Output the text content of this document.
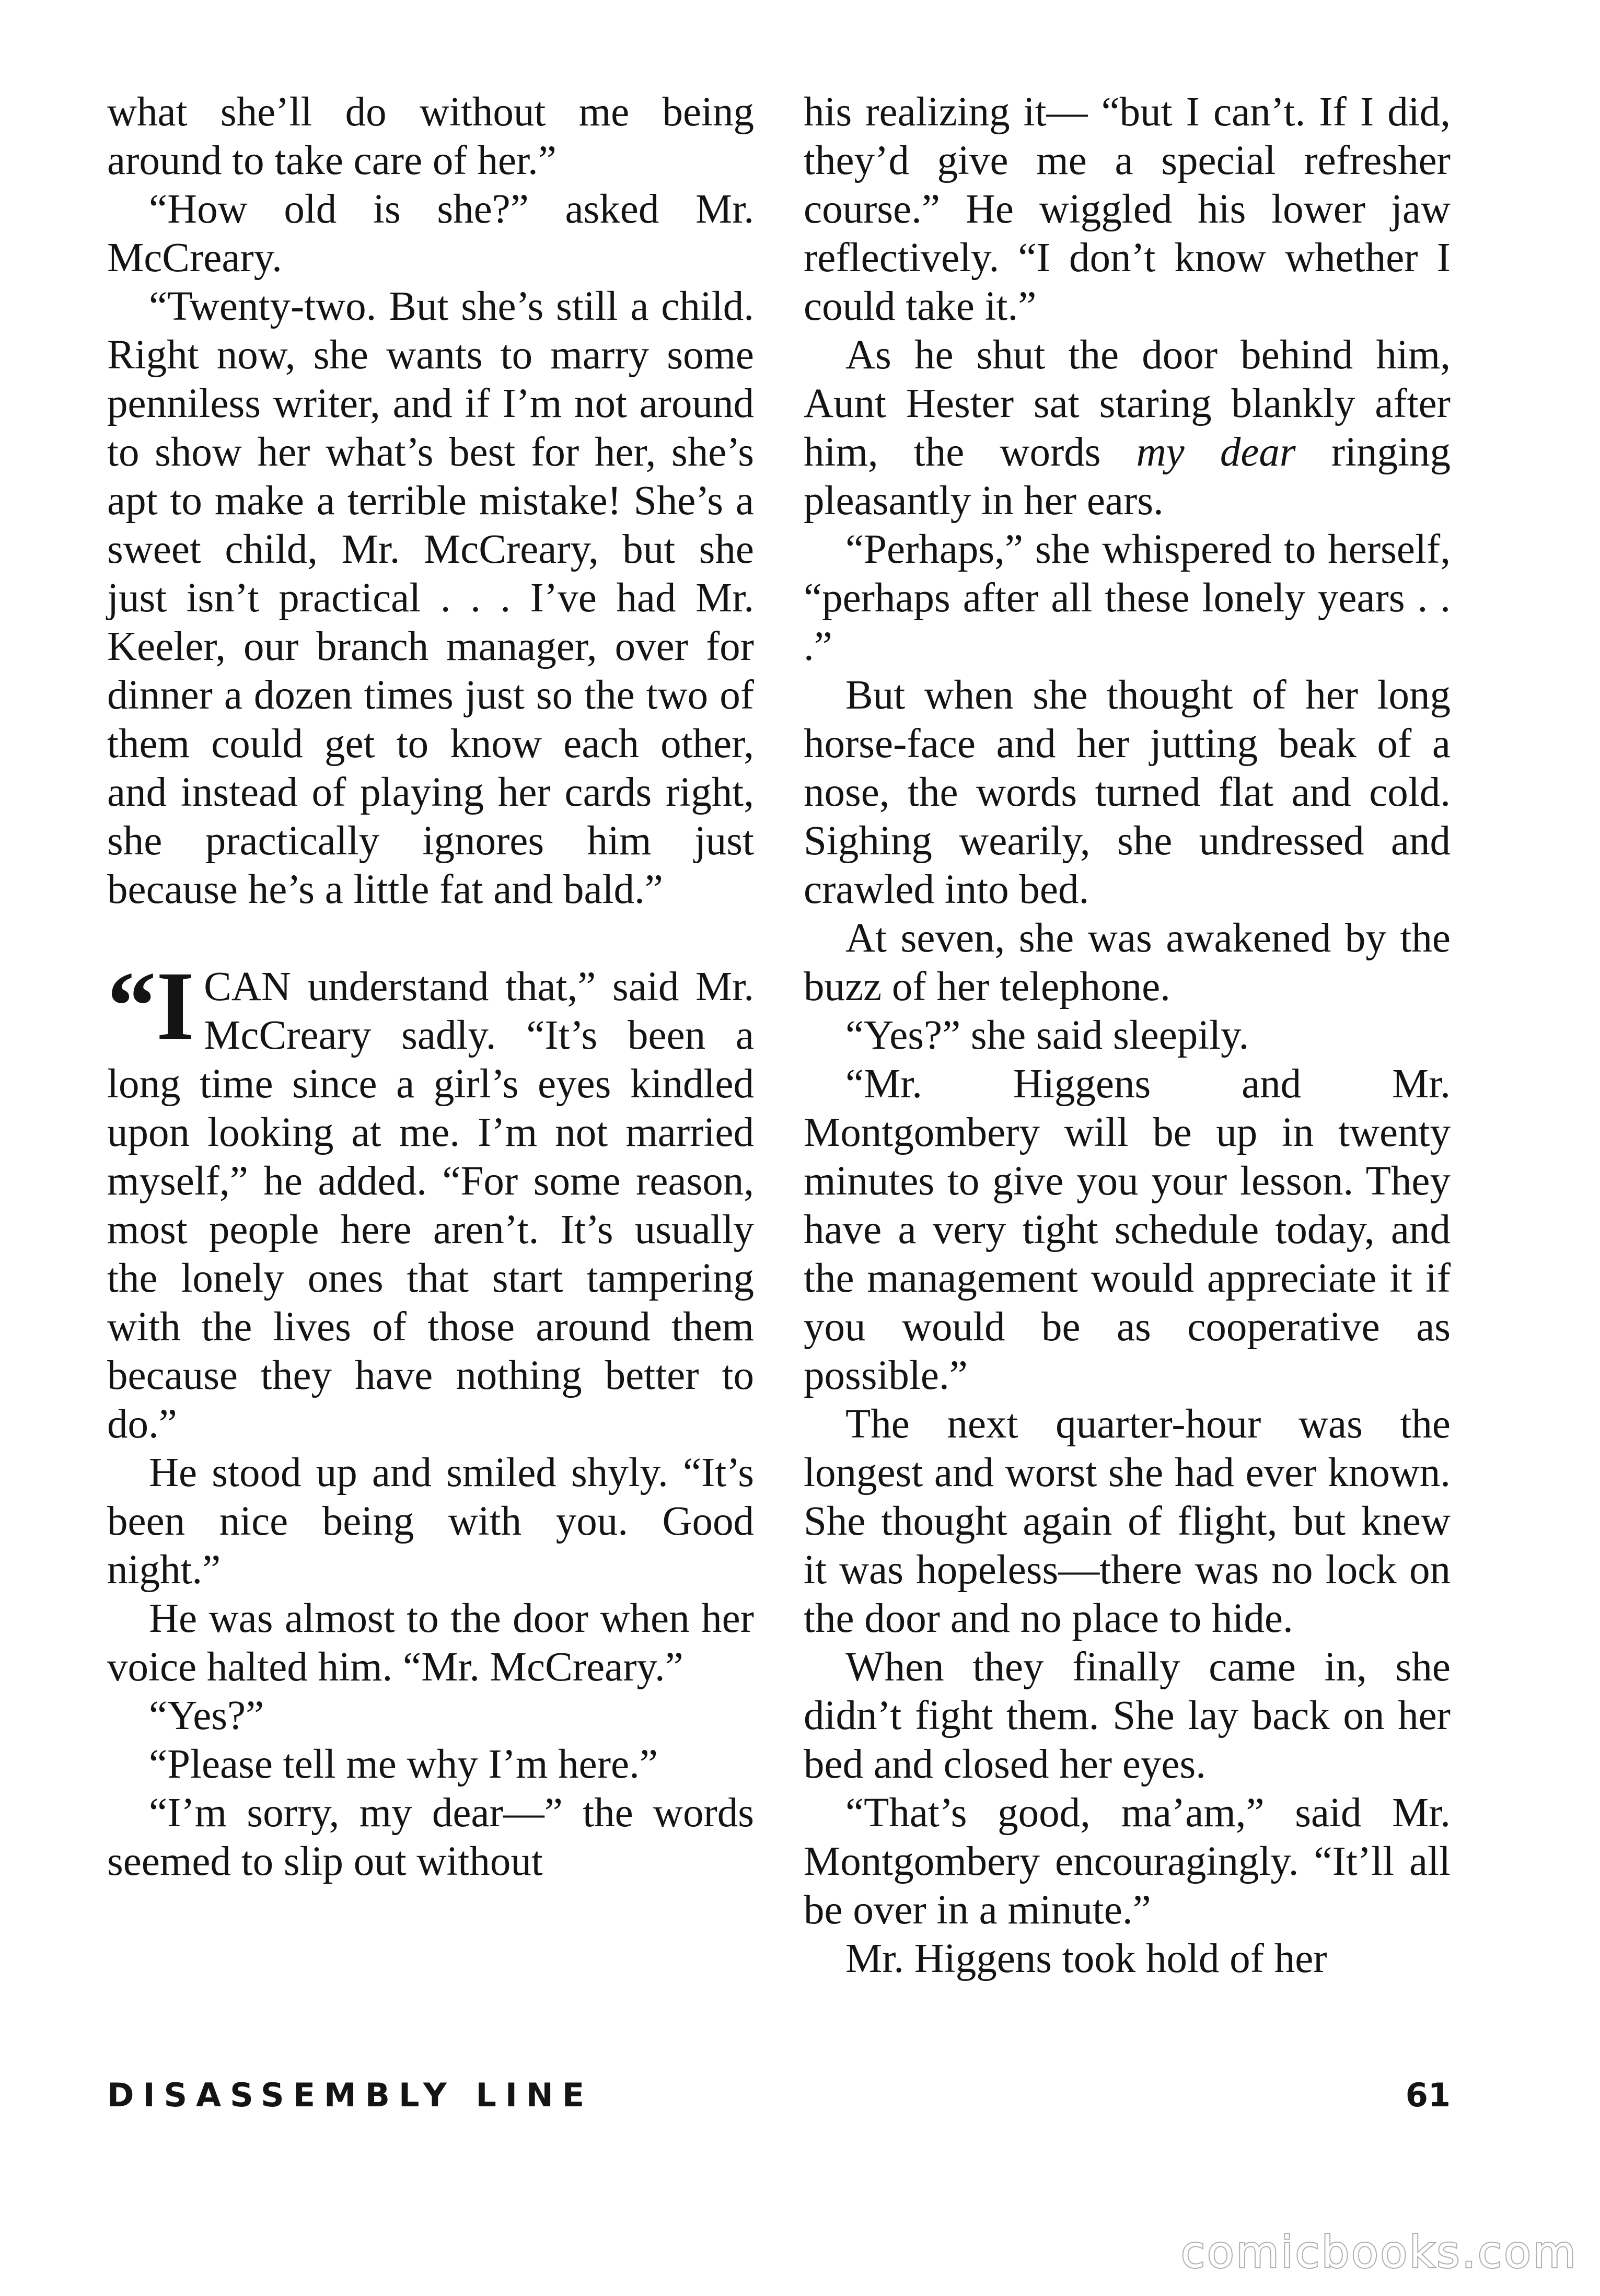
what she’ll do without me being around to take care of her.”

“How old is she?” asked Mr. McCreary.

“Twenty-two. But she’s still a child. Right now, she wants to marry some penniless writer, and if I’m not around to show her what’s best for her, she’s apt to make a terrible mistake! She’s a sweet child, Mr. McCreary, but she just isn’t practical . . . I’ve had Mr. Keeler, our branch manager, over for dinner a dozen times just so the two of them could get to know each other, and instead of playing her cards right, she practically ignores him just because he’s a little fat and bald.”

“I CAN understand that,” said Mr. McCreary sadly. “It’s been a long time since a girl’s eyes kindled upon looking at me. I’m not married myself,” he added. “For some reason, most people here aren’t. It’s usually the lonely ones that start tampering with the lives of those around them because they have nothing better to do.”

He stood up and smiled shyly. “It’s been nice being with you. Good night.”

He was almost to the door when her voice halted him. “Mr. McCreary.”

“Yes?”

“Please tell me why I’m here.”

“I’m sorry, my dear—” the words seemed to slip out without

his realizing it— “but I can’t. If I did, they’d give me a special refresher course.” He wiggled his lower jaw reflectively. “I don’t know whether I could take it.”

As he shut the door behind him, Aunt Hester sat staring blankly after him, the words my dear ringing pleasantly in her ears.

“Perhaps,” she whispered to herself, “perhaps after all these lonely years . . .”

But when she thought of her long horse-face and her jutting beak of a nose, the words turned flat and cold. Sighing wearily, she undressed and crawled into bed.

At seven, she was awakened by the buzz of her telephone.

“Yes?” she said sleepily.

“Mr. Higgens and Mr. Montgombery will be up in twenty minutes to give you your lesson. They have a very tight schedule today, and the management would appreciate it if you would be as cooperative as possible.”

The next quarter-hour was the longest and worst she had ever known. She thought again of flight, but knew it was hopeless—there was no lock on the door and no place to hide.

When they finally came in, she didn’t fight them. She lay back on her bed and closed her eyes.

“That’s good, ma’am,” said Mr. Montgombery encouragingly. “It’ll all be over in a minute.”

Mr. Higgens took hold of her

DISASSEMBLY LINE	61
comicbooks.com
